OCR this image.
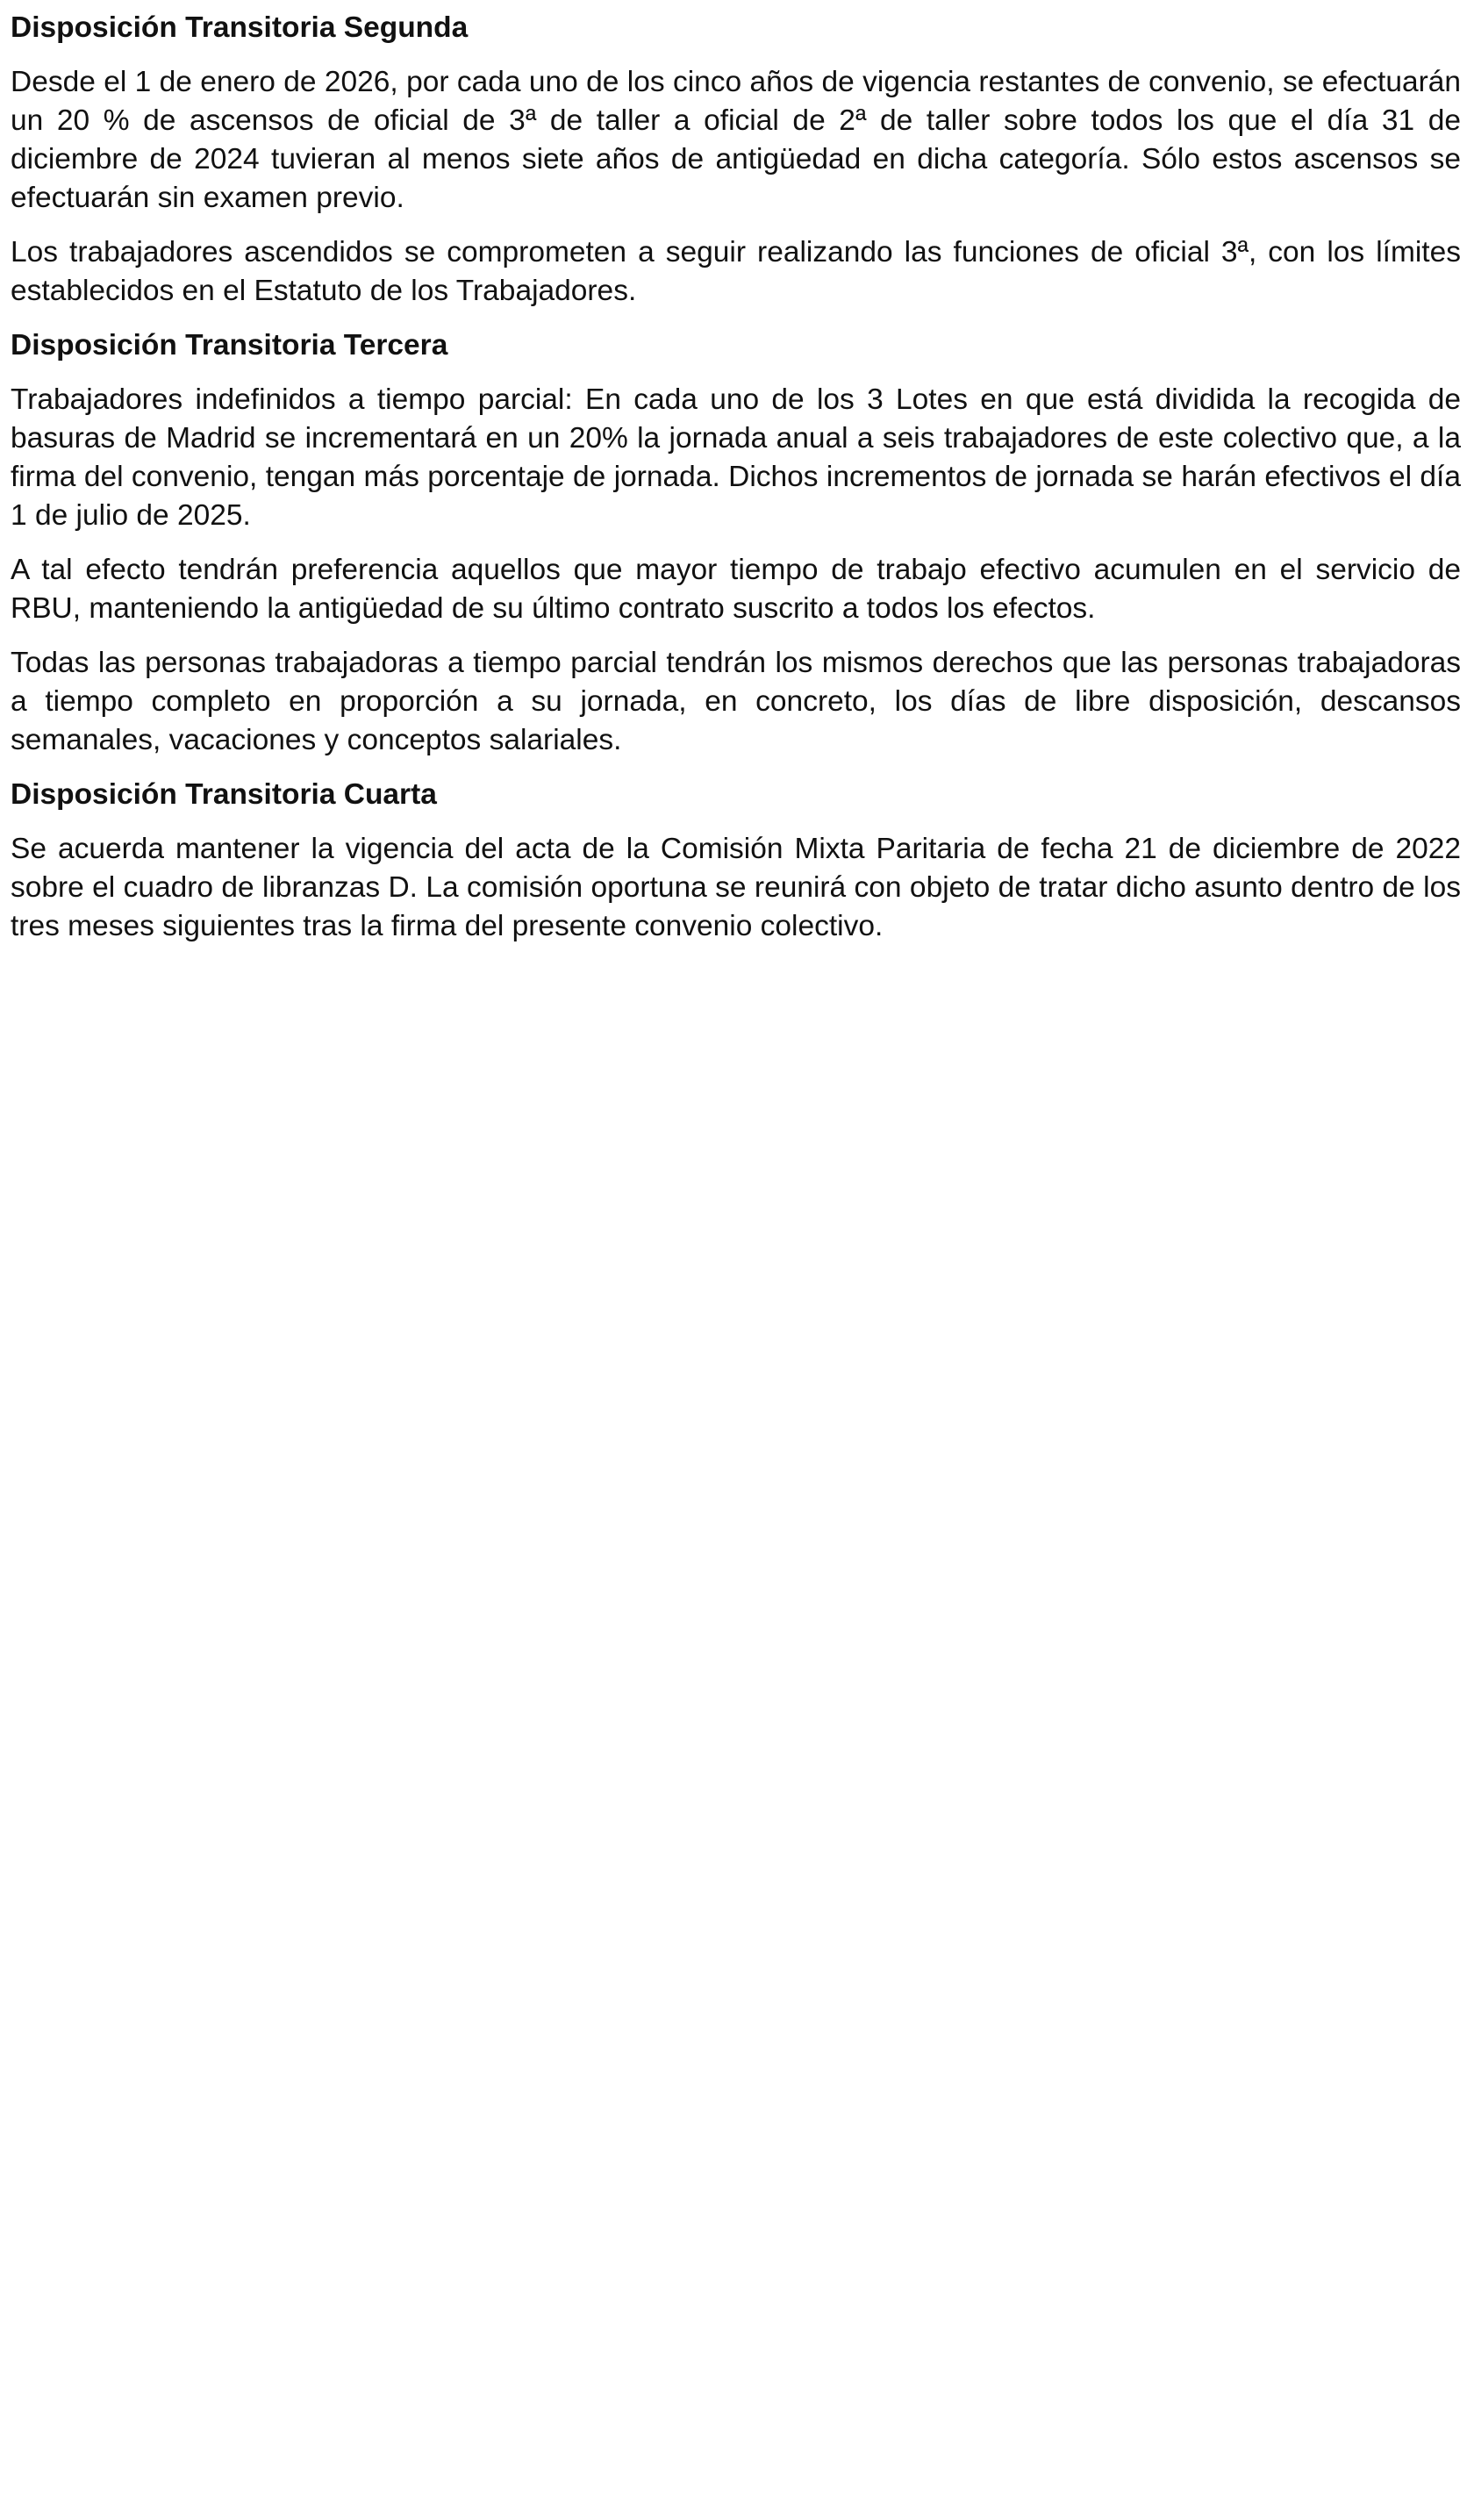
Disposición Transitoria Segunda

Desde el 1 de enero de 2026, por cada uno de los cinco años de vigencia restantes de convenio, se efectuarán un 20 % de ascensos de oficial de 3ª de taller a oficial de 2ª de taller sobre todos los que el día 31 de diciembre de 2024 tuvieran al menos siete años de antigüedad en dicha categoría. Sólo estos ascensos se efectuarán sin examen previo.

Los trabajadores ascendidos se comprometen a seguir realizando las funciones de oficial 3ª, con los límites establecidos en el Estatuto de los Trabajadores.

Disposición Transitoria Tercera

Trabajadores indefinidos a tiempo parcial: En cada uno de los 3 Lotes en que está dividida la recogida de basuras de Madrid se incrementará en un 20% la jornada anual a seis trabajadores de este colectivo que, a la firma del convenio, tengan más porcentaje de jornada. Dichos incrementos de jornada se harán efectivos el día 1 de julio de 2025.

A tal efecto tendrán preferencia aquellos que mayor tiempo de trabajo efectivo acumulen en el servicio de RBU, manteniendo la antigüedad de su último contrato suscrito a todos los efectos.

Todas las personas trabajadoras a tiempo parcial tendrán los mismos derechos que las personas trabajadoras a tiempo completo en proporción a su jornada, en concreto, los días de libre disposición, descansos semanales, vacaciones y conceptos salariales.

Disposición Transitoria Cuarta

Se acuerda mantener la vigencia del acta de la Comisión Mixta Paritaria de fecha 21 de diciembre de 2022 sobre el cuadro de libranzas D. La comisión oportuna se reunirá con objeto de tratar dicho asunto dentro de los tres meses siguientes tras la firma del presente convenio colectivo.
